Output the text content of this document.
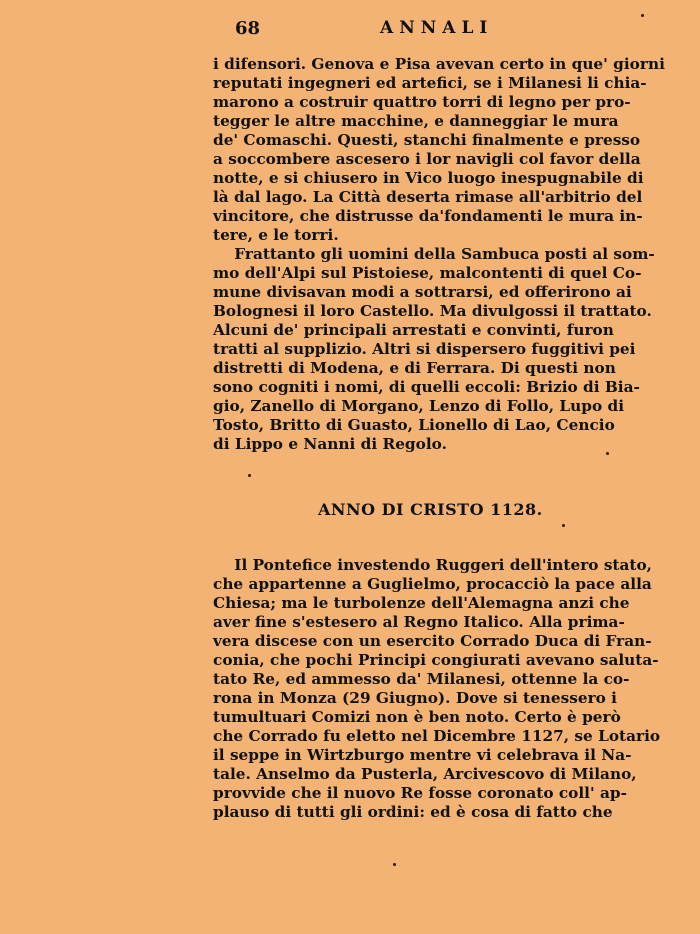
68	ANNALI
i difensori. Genova e Pisa avevan certo in que' giorni
reputati ingegneri ed artefici, se i Milanesi li chia-
marono a costruir quattro torri di legno per pro-
tegger le altre macchine, e danneggiar le mura
de' Comaschi. Questi, stanchi finalmente e presso
a soccombere ascesero i lor navigli col favor della
notte, e si chiusero in Vico luogo inespugnabile di
là dal lago. La Città deserta rimase all'arbitrio del
vincitore, che distrusse da'fondamenti le mura in-
tere, e le torri.
Frattanto gli uomini della Sambuca posti al som-
mo dell'Alpi sul Pistoiese, malcontenti di quel Co-
mune divisavan modi a sottrarsi, ed offerirono ai
Bolognesi il loro Castello. Ma divulgossi il trattato.
Alcuni de' principali arrestati e convinti, furon
tratti al supplizio. Altri si dispersero fuggitivi pei
distretti di Modena, e di Ferrara. Di questi non
sono cogniti i nomi, di quelli eccoli: Brizio di Bia-
gio, Zanello di Morgano, Lenzo di Follo, Lupo di
Tosto, Britto di Guasto, Lionello di Lao, Cencio
di Lippo e Nanni di Regolo.
ANNO DI CRISTO 1128.
Il Pontefice investendo Ruggeri dell'intero stato,
che appartenne a Guglielmo, procacciò la pace alla
Chiesa; ma le turbolenze dell'Alemagna anzi che
aver fine s'estesero al Regno Italico. Alla prima-
vera discese con un esercito Corrado Duca di Fran-
conia, che pochi Principi congiurati avevano saluta-
tato Re, ed ammesso da' Milanesi, ottenne la co-
rona in Monza (29 Giugno). Dove si tenessero i
tumultuari Comizi non è ben noto. Certo è però
che Corrado fu eletto nel Dicembre 1127, se Lotario
il seppe in Wirtzburgo mentre vi celebrava il Na-
tale. Anselmo da Pusterla, Arcivescovo di Milano,
provvide che il nuovo Re fosse coronato coll' ap-
plauso di tutti gli ordini: ed è cosa di fatto che
